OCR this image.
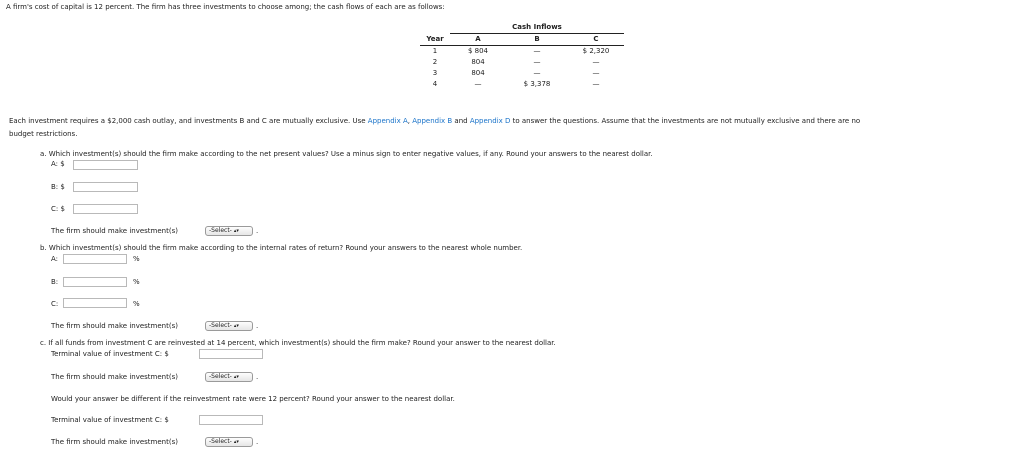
A firm's cost of capital is 12 percent. The firm has three investments to choose among; the cash flows of each are as follows:
	Cash Inflows		
Year	A	B	C
1	$ 804	—	$ 2,320
2	804	—	—
3	804	—	—
4	—	$ 3,378	—
Each investment requires a $2,000 cash outlay, and investments B and C are mutually exclusive. Use Appendix A, Appendix B and Appendix D to answer the questions. Assume that the investments are not mutually exclusive and there are no
budget restrictions.
a. Which investment(s) should the firm make according to the net present values? Use a minus sign to enter negative values, if any. Round your answers to the nearest dollar.
A: $
B: $
C: $
The firm should make investment(s)	-Select- ▴▾	.
b. Which investment(s) should the firm make according to the internal rates of return? Round your answers to the nearest whole number.
A:	%
B:	%
C:	%
The firm should make investment(s)	-Select- ▴▾	.
c. If all funds from investment C are reinvested at 14 percent, which investment(s) should the firm make? Round your answer to the nearest dollar.
Terminal value of investment C: $
The firm should make investment(s)	-Select- ▴▾	.
Would your answer be different if the reinvestment rate were 12 percent? Round your answer to the nearest dollar.
Terminal value of investment C: $
The firm should make investment(s)	-Select- ▴▾	.
